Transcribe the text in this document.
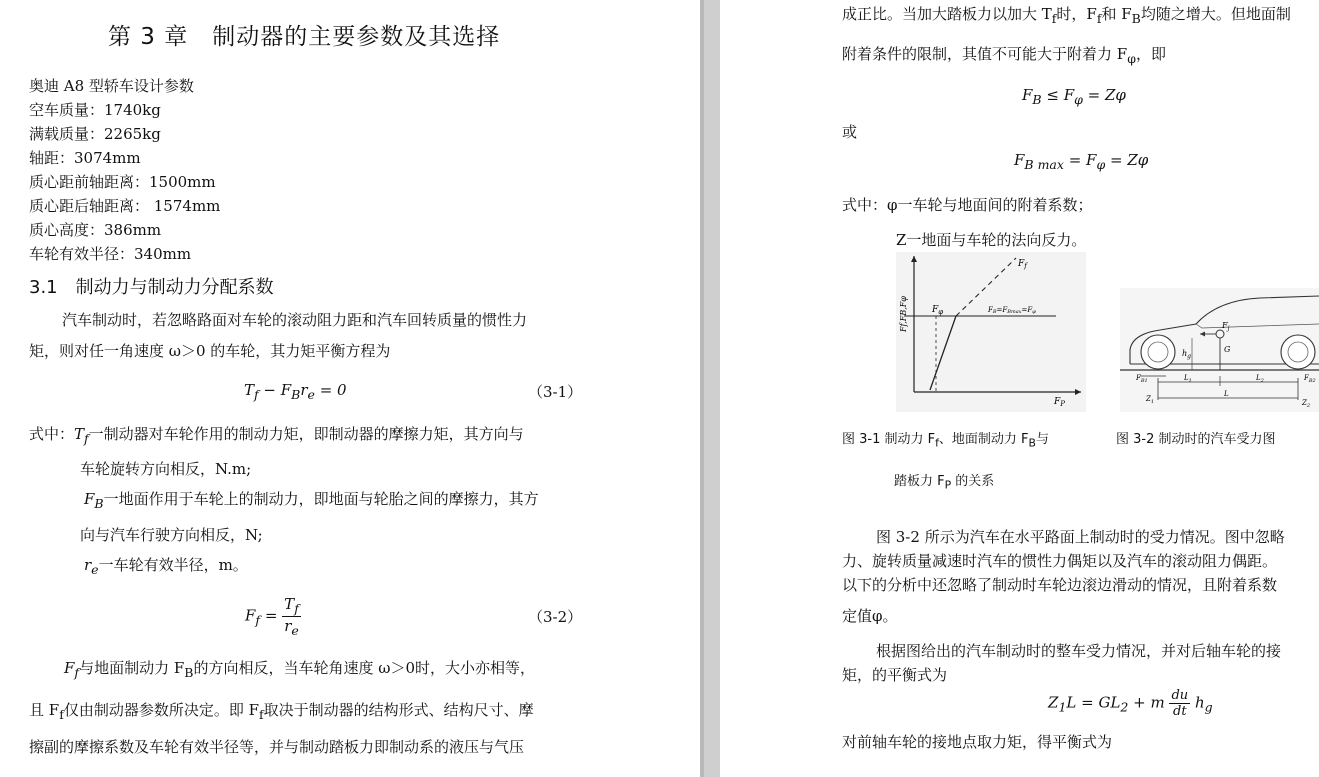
第 3 章　制动器的主要参数及其选择
奥迪 A8 型轿车设计参数
空车质量：1740kg
满载质量：2265kg
轴距：3074mm
质心距前轴距离：1500mm
质心距后轴距离： 1574mm
质心高度：386mm
车轮有效半径：340mm
3.1　制动力与制动力分配系数
汽车制动时，若忽略路面对车轮的滚动阻力距和汽车回转质量的惯性力
矩，则对任一角速度 ω＞0 的车轮，其力矩平衡方程为
$T_f - F_Br_e = 0$	（3-1）
式中：$T_f$一制动器对车轮作用的制动力矩，即制动器的摩擦力矩，其方向与
车轮旋转方向相反，N.m;
$F_B$一地面作用于车轮上的制动力，即地面与轮胎之间的摩擦力，其方
向与汽车行驶方向相反，N;
$r_e$一车轮有效半径，m。
$F_f = \frac{T_f}{r_e}$	（3-2）
$F_f$与地面制动力 $F_B$的方向相反，当车轮角速度 ω＞0时，大小亦相等，
且 $F_f$仅由制动器参数所决定。即 $F_f$取决于制动器的结构形式、结构尺寸、摩
擦副的摩擦系数及车轮有效半径等，并与制动踏板力即制动系的液压与气压
成正比。当加大踏板力以加大 $T_f$时，$F_f$和 $F_B$均随之增大。但地面制
附着条件的限制，其值不可能大于附着力 $F_\varphi$，即
$F_B \le F_\varphi = Z\varphi$
或
$F_{B max} = F_\varphi = Z\varphi$
式中：φ一车轮与地面间的附着系数；
Z一地面与车轮的法向反力。
$F_f$
$F_\varphi$	FB=FBmax=Fφ
Ff,FB,Fφ
$F_P$
$F_j$
$h_g$
G
$F_{B1}$	$L_1$	$L_2$
L
$Z_1$	$Z_2$
$F_{B2}$
图 3-1 制动力 $F_f$、地面制动力 $F_B$与	图 3-2 制动时的汽车受力图
踏板力 $F_P$ 的关系
图 3-2 所示为汽车在水平路面上制动时的受力情况。图中忽略
力、旋转质量减速时汽车的惯性力偶矩以及汽车的滚动阻力偶距。
以下的分析中还忽略了制动时车轮边滚边滑动的情况，且附着系数
定值φ。
根据图给出的汽车制动时的整车受力情况，并对后轴车轮的接
矩，的平衡式为
$Z_1L = GL_2 + m \frac{du}{dt} h_g$
对前轴车轮的接地点取力矩，得平衡式为
